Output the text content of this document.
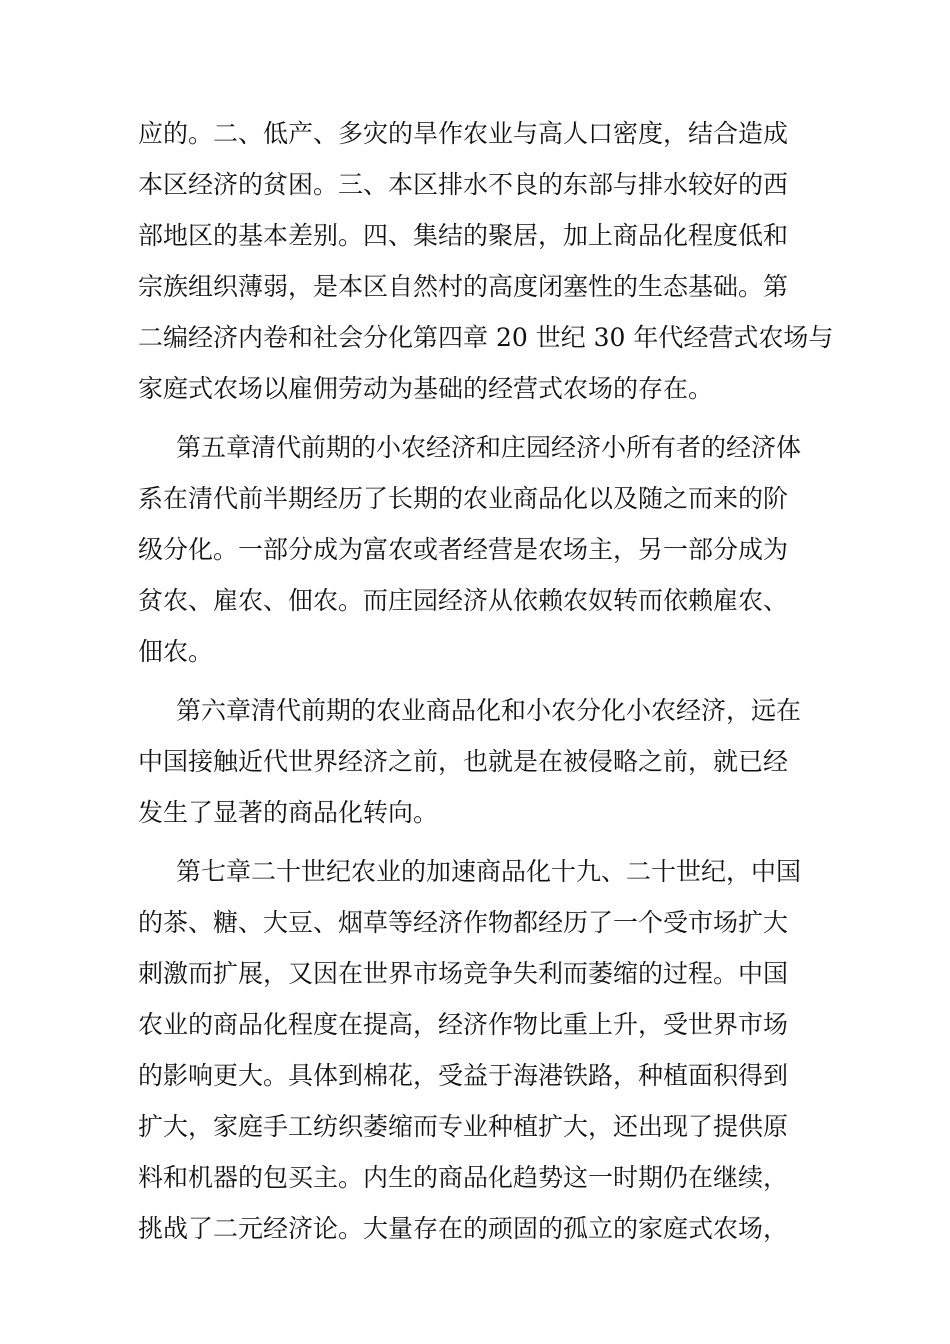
应的。二、低产、多灾的旱作农业与高人口密度，结合造成
本区经济的贫困。三、本区排水不良的东部与排水较好的西
部地区的基本差别。四、集结的聚居，加上商品化程度低和
宗族组织薄弱，是本区自然村的高度闭塞性的生态基础。第
二编经济内卷和社会分化第四章 20 世纪 30 年代经营式农场与
家庭式农场以雇佣劳动为基础的经营式农场的存在。
第五章清代前期的小农经济和庄园经济小所有者的经济体
系在清代前半期经历了长期的农业商品化以及随之而来的阶
级分化。一部分成为富农或者经营是农场主，另一部分成为
贫农、雇农、佃农。而庄园经济从依赖农奴转而依赖雇农、
佃农。
第六章清代前期的农业商品化和小农分化小农经济，远在
中国接触近代世界经济之前，也就是在被侵略之前，就已经
发生了显著的商品化转向。
第七章二十世纪农业的加速商品化十九、二十世纪，中国
的茶、糖、大豆、烟草等经济作物都经历了一个受市场扩大
刺激而扩展，又因在世界市场竞争失利而萎缩的过程。中国
农业的商品化程度在提高，经济作物比重上升，受世界市场
的影响更大。具体到棉花，受益于海港铁路，种植面积得到
扩大，家庭手工纺织萎缩而专业种植扩大，还出现了提供原
料和机器的包买主。内生的商品化趋势这一时期仍在继续，
挑战了二元经济论。大量存在的顽固的孤立的家庭式农场，
